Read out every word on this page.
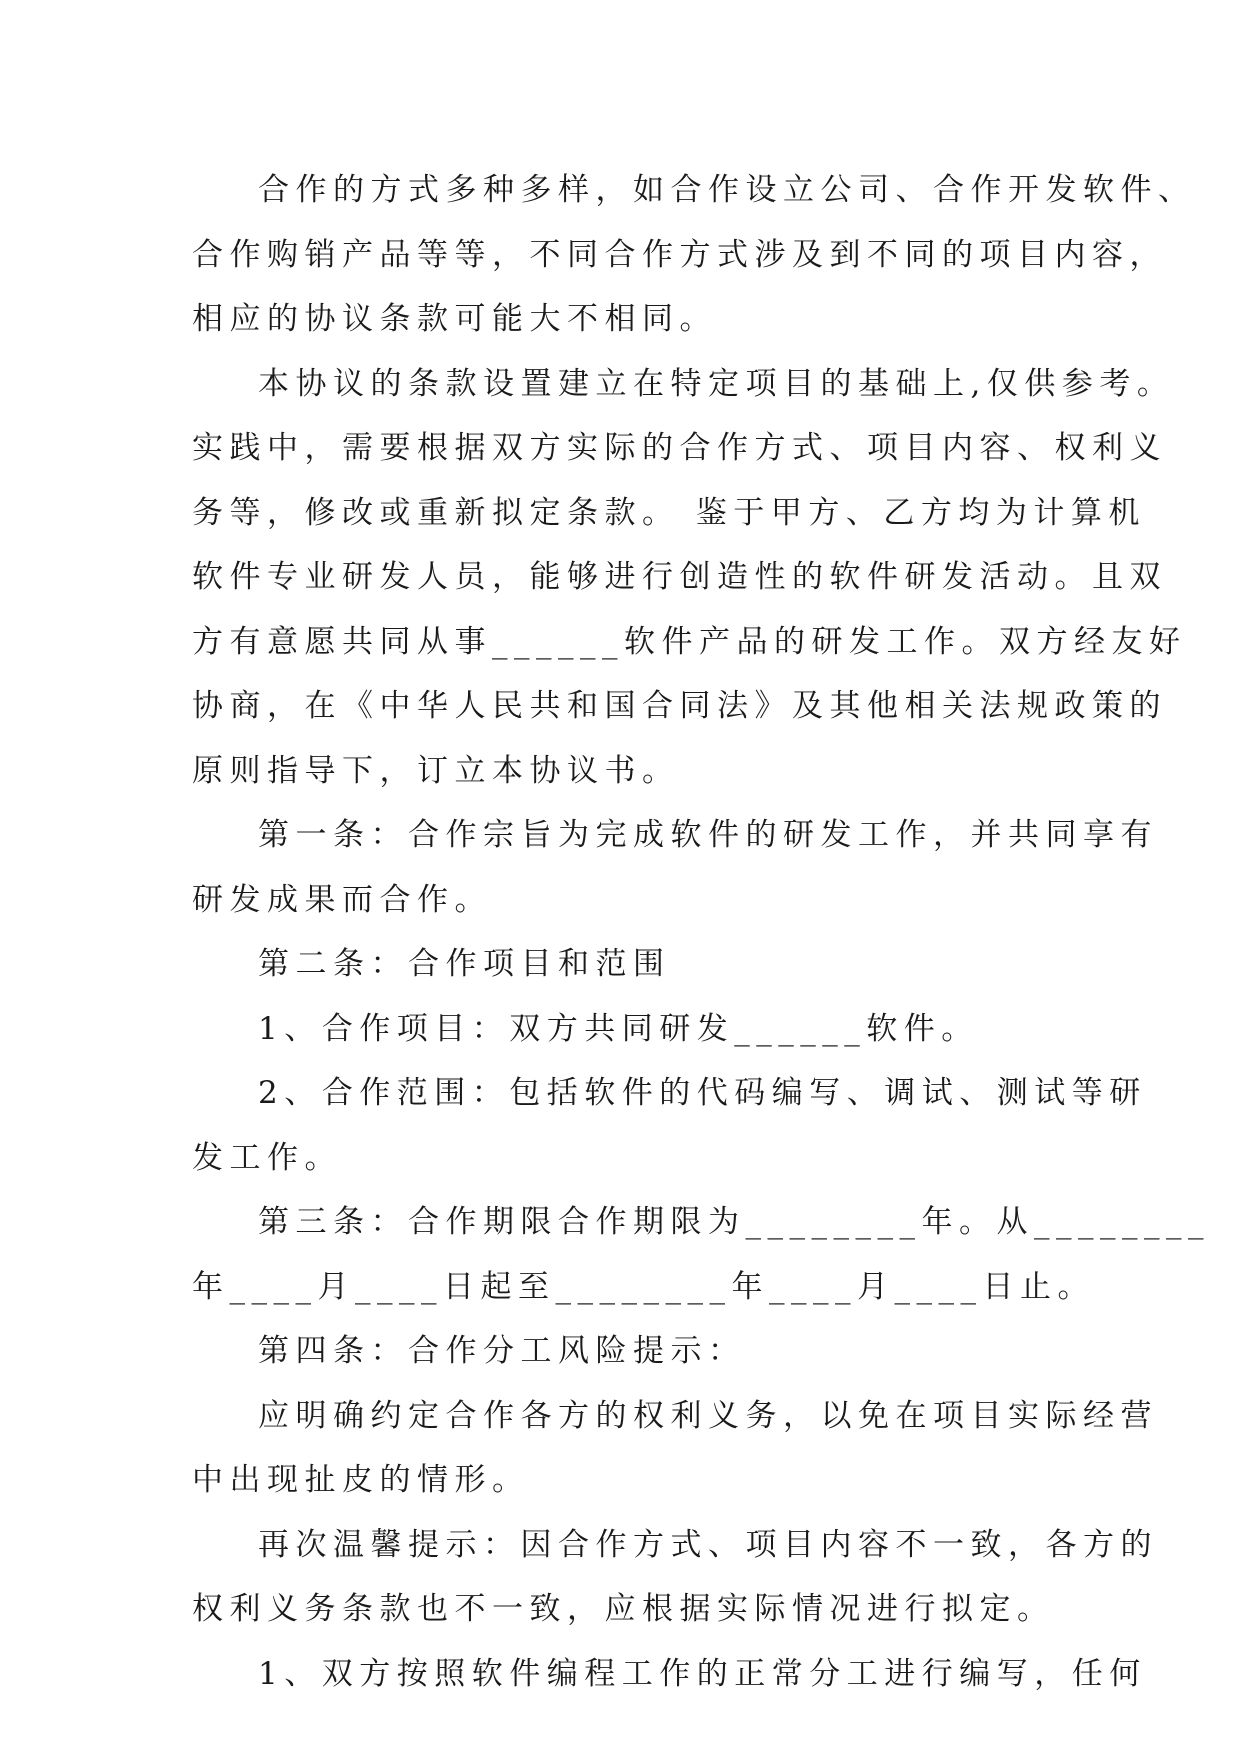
合作的方式多种多样，如合作设立公司、合作开发软件、
合作购销产品等等，不同合作方式涉及到不同的项目内容，
相应的协议条款可能大不相同。
本协议的条款设置建立在特定项目的基础上,仅供参考。
实践中，需要根据双方实际的合作方式、项目内容、权利义
务等，修改或重新拟定条款。 鉴于甲方、乙方均为计算机
软件专业研发人员，能够进行创造性的软件研发活动。且双
方有意愿共同从事______软件产品的研发工作。双方经友好
协商，在《中华人民共和国合同法》及其他相关法规政策的
原则指导下，订立本协议书。
第一条：合作宗旨为完成软件的研发工作，并共同享有
研发成果而合作。
第二条：合作项目和范围
1、合作项目：双方共同研发______软件。
2、合作范围：包括软件的代码编写、调试、测试等研
发工作。
第三条：合作期限合作期限为________年。从________
年____月____日起至________年____月____日止。
第四条：合作分工风险提示：
应明确约定合作各方的权利义务，以免在项目实际经营
中出现扯皮的情形。
再次温馨提示：因合作方式、项目内容不一致，各方的
权利义务条款也不一致，应根据实际情况进行拟定。
1、双方按照软件编程工作的正常分工进行编写，任何
